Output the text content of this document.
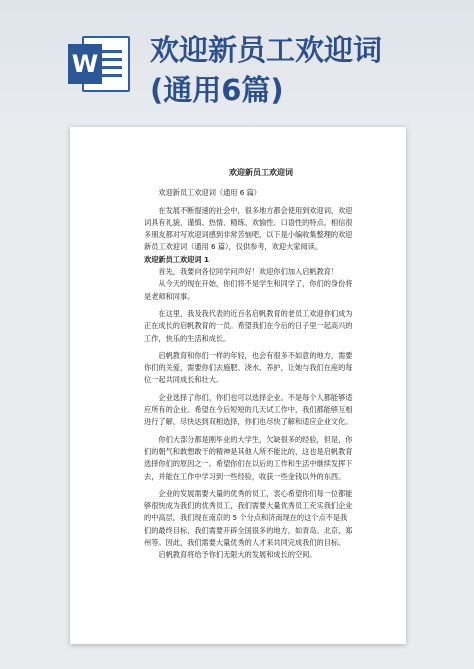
W 欢迎新员工欢迎词
(通用6篇)

欢迎新员工欢迎词

欢迎新员工欢迎词（通用 6 篇）

在发展不断提速的社会中，很多地方都会使用到欢迎词，欢迎词具有礼貌、谨慎、热情、精练、欢愉性、口语性的特点。相信很多朋友都对写欢迎词感到非常苦恼吧，以下是小编收集整理的欢迎新员工欢迎词（通用 6 篇），仅供参考，欢迎大家阅读。

欢迎新员工欢迎词 1

首先，我要向各位同学问声好！欢迎你们加入启帆教育！

从今天的现在开始，你们将不是学生和同学了，你们的身份将是老师和同事。

在这里，我及我代表的近百名启帆教育的老员工欢迎你们成为正在成长的启帆教育的一员。希望我们在今后的日子里一起高兴的工作，快乐的生活和成长。

启帆教育和你们一样的年轻，也会有很多不如意的地方，需要你们的关爱，需要你们去施肥、浇水、养护，让她与我们在座的每位一起共同成长和壮大。

企业选择了你们，你们也可以选择企业。不是每个人都能够适应所有的企业。希望在今后短短的几天试工作中，我们都能够互相进行了解，尽快达到双相选择，你们也尽快了解和适应企业文化。

你们大部分都是刚毕业的大学生，欠缺很多的经验，但是，你们的朝气和敢想敢干的精神是其他人所不能比的，这也是启帆教育选择你们的原因之一。希望你们在以后的工作和生活中继续发挥下去，并能在工作中学习到一些经验，收获一些金钱以外的东西。

企业的发展需要大量的优秀的员工，衷心希望你们每一位都能够很快成为我们的优秀员工，我们需要大量优秀员工充实我们企业的中高层，我们现在南京的 5 个分点和济南现在的这个点不是我们的最终目标，我们需要开辟全国很多的地方，如青岛、北京、郑州等。因此，我们需要大量优秀的人才来共同完成我们的目标。

启帆教育将给予你们无限大的发展和成长的空间。
